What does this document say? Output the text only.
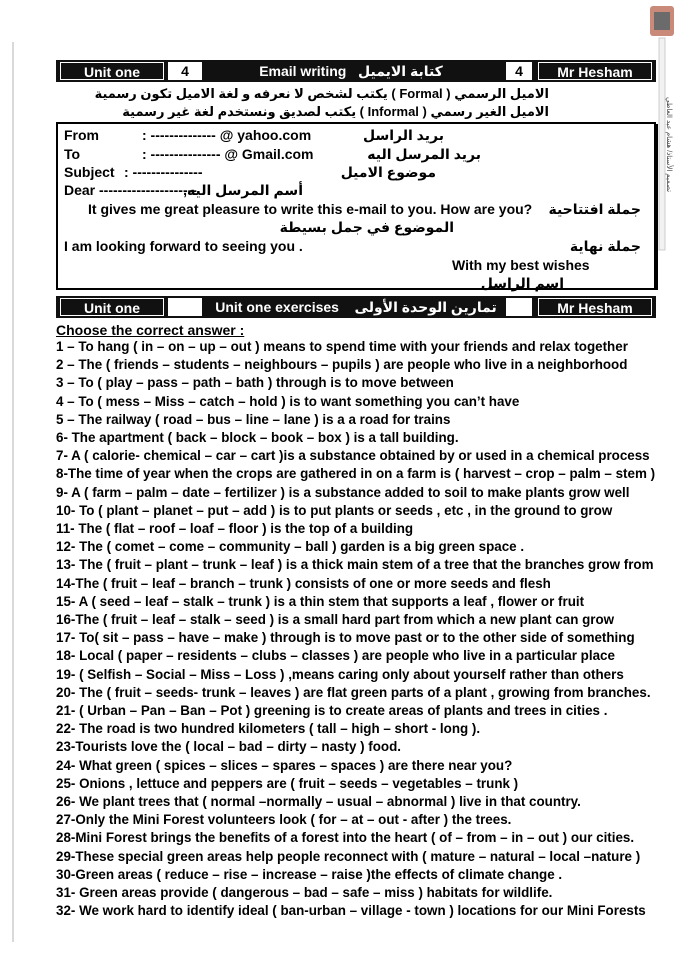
تصميم الأستاذ/ هشام عبد العاطي
Unit one	4	Email writing كتابة الايميل	4	Mr Hesham
الاميل الرسمي ( Formal ) يكتب لشخص لا نعرفه و لغة الاميل تكون رسمية
الاميل الغير رسمي ( Informal ) يكتب لصديق ونستخدم لغة غير رسمية
From	: -------------- @ yahoo.com	بريد الراسل
To	: --------------- @ Gmail.com	بريد المرسل اليه
Subject : ---------------	موضوع الاميل
Dear ---------------------
أسم المرسل اليه,
It gives me great pleasure to write this e-mail to you. How are you? جملة افتتاحية
الموضوع في جمل بسيطة
I am looking forward to seeing you .	جملة نهاية
With my best wishes
اسم الراسل
Unit one	Unit one exercises تمارين الوحدة الأولى	Mr Hesham
Choose the correct answer :
1 – To hang ( in – on – up – out ) means to spend time with your friends and relax together
2 – The ( friends – students – neighbours – pupils ) are people who live in a neighborhood
3 – To ( play – pass – path – bath ) through is to move between
4 – To ( mess – Miss – catch – hold ) is to want something you can’t have
5 – The railway ( road – bus – line – lane ) is a a road for trains
6- The apartment ( back – block – book – box ) is a tall building.
7- A ( calorie- chemical – car – cart )is a substance obtained by or used in a chemical process
8-The time of year when the crops are gathered in on a farm is ( harvest – crop – palm – stem )
9- A ( farm – palm – date – fertilizer ) is a substance added to soil to make plants grow well
10- To ( plant – planet – put – add ) is to put plants or seeds , etc , in the ground to grow
11- The ( flat – roof – loaf – floor ) is the top of a building
12- The ( comet – come – community – ball ) garden is a big green space .
13- The ( fruit – plant – trunk – leaf ) is a thick main stem of a tree that the branches grow from
14-The ( fruit – leaf – branch – trunk ) consists of one or more seeds and flesh
15- A ( seed – leaf – stalk – trunk ) is a thin stem that supports a leaf , flower or fruit
16-The ( fruit – leaf – stalk – seed ) is a small hard part from which a new plant can grow
17- To( sit – pass – have – make ) through is to move past or to the other side of something
18- Local ( paper – residents – clubs – classes ) are people who live in a particular place
19- ( Selfish – Social – Miss – Loss ) ,means caring only about yourself rather than others
20- The ( fruit – seeds- trunk – leaves ) are flat green parts of a plant , growing from branches.
21- ( Urban – Pan – Ban – Pot ) greening is to create areas of plants and trees in cities .
22- The road is two hundred kilometers ( tall – high – short - long ).
23-Tourists love the ( local – bad – dirty – nasty ) food.
24- What green ( spices – slices – spares – spaces ) are there near you?
25- Onions , lettuce and peppers are ( fruit – seeds – vegetables – trunk )
26- We plant trees that ( normal –normally – usual – abnormal ) live in that country.
27-Only the Mini Forest volunteers look ( for – at – out - after ) the trees.
28-Mini Forest brings the benefits of a forest into the heart ( of – from – in – out ) our cities.
29-These special green areas help people reconnect with ( mature – natural – local –nature )
30-Green areas ( reduce – rise – increase – raise )the effects of climate change .
31- Green areas provide ( dangerous – bad – safe – miss ) habitats for wildlife.
32- We work hard to identify ideal ( ban-urban – village - town ) locations for our Mini Forests
